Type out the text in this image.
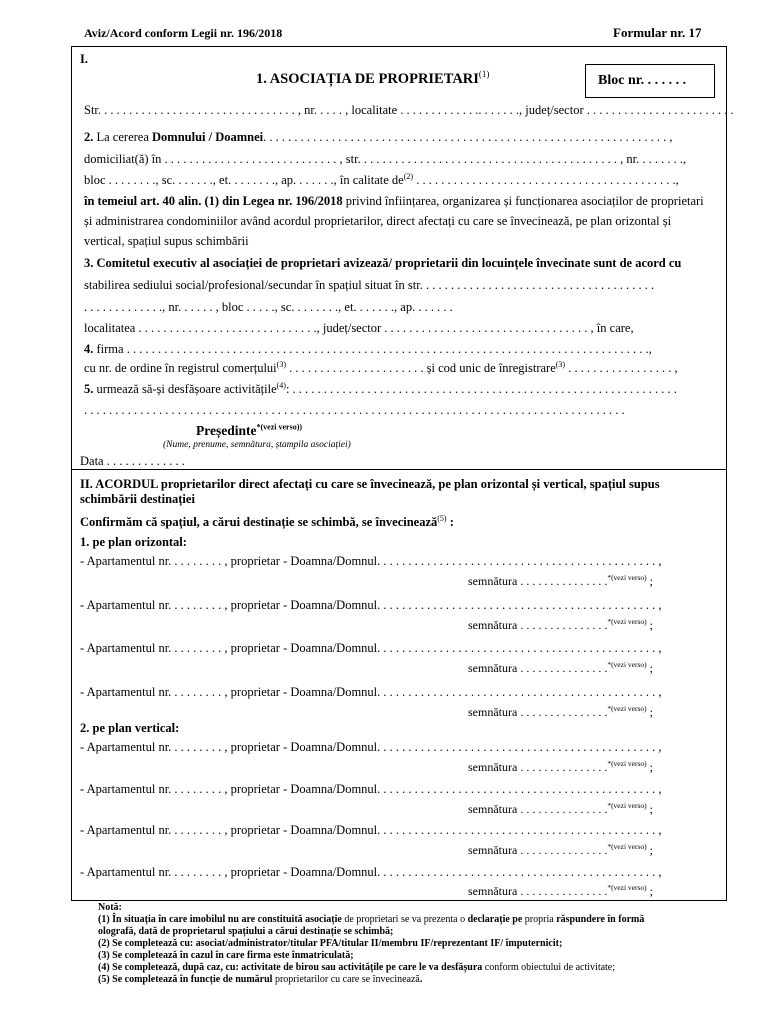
Aviz/Acord conform Legii nr. 196/2018	Formular nr. 17
I.
1. ASOCIAȚIA DE PROPRIETARI$^{(1)}$	Bloc nr. . . . . . .
Str. . . . . . . . . . . . . . . . . . . . . . . . . . . . . . . . , nr. . . . . , localitate . . . . . . . . . . . . .. . . . . . ., județ/sector . . . . . . . . . . . . . . . . . . . . . . . .
2. La cererea Domnului / Doamnei. . . . . . . . . . . . . . . . . . . . . . . . . . . . . . . . . . . . . . . . . . . . . . . . . . . . . . . . . . . . . . . . . ,
domiciliat(ă) în . . . . . . . . . . . . . . . . . . . . . . . . . . . . , str. . . . . . . . . . . . . . . . . . . . . . . . . . . . . . . . . . . . . . . . . . , nr. . . . . . . .,
bloc . . . . . . . ., sc. . . . . . ., et. . . . . . . ., ap. . . . . . ., în calitate $de^{(2)}$ . . . . . . . . . . . . . . . . . . . . . . . . . . . . . . . . . . . . . . . . . .,
în temeiul art. 40 alin. (1) din Legea nr. 196/2018 privind înființarea, organizarea și funcționarea asociaților de proprietari
și administrarea condominiilor având acordul proprietarilor, direct afectați cu care se învecinează, pe plan orizontal și
vertical, spațiul supus schimbării
3. Comitetul executiv al asociației de proprietari avizează/ proprietarii din locuințele învecinate sunt de acord cu
stabilirea sediului social/profesional/secundar în spațiul situat în str. . . . . . . . . . . . . . . . . . . . . . . . . . . . . . . . . . . . . .
. . . . . . . . . . . . ., nr. . . . . . , bloc . . . . ., sc. . . . . . . ., et. . . . . . ., ap. . . . . . .
localitatea . . . . . . . . . . . . . . . . . . . . . . . . . . . . ., județ/sector . . . . . . . . . . . . . . . . . . . . . . . . . . . . . . . . . , în care,
4. firma . . . . . . . . . . . . . . . . . . . . . . . . . . . . . . . . . . . . . . . . . . . . . . . . . . . . . . . . . . . . . . . . . . . . . . . . . . . . . . . . . . . .,
cu nr. de ordine în registrul comerțului$^{(3)}$ . . . . . . . . . . . . . . . . . . . . . . și cod unic de înregistrare$^{(3)}$ . . . . . . . . . . . . . . . . . ,
5. urmează să-și desfășoare activitățile$^{(4)}$: . . . . . . . . . . . . . . . . . . . . . . . . . . . . . . . . . . . . . . . . . . . . . . . . . . . . . . . . . . . . . .
. . . . . . . . . . . . . . . . . . . . . . . . . . . . . . . . . . . . . . . . . . . . . . . . . . . . . . . . . . . . . . . . . . . . . . . . . . . . . . . . . . . . . . .
Președinte$^{*(vezi verso))}$
(Nume, prenume, semnătura, ștampila asociației)
Data . . . . . . . . . . . . .
II. ACORDUL proprietarilor direct afectați cu care se învecinează, pe plan orizontal și vertical, spațiul supus
schimbării destinației
Confirmăm că spațiul, a cărui destinație se schimbă, se învecinează$^{(5)}$ :
1. pe plan orizontal:
- Apartamentul nr. . . . . . . . . , proprietar - Doamna/Domnul. . . . . . . . . . . . . . . . . . . . . . . . . . . . . . . . . . . . . . . . . . . . . ,
semnătura . . . . . . . . . . . . . . .$^{*(vezi verso)}$ ;
- Apartamentul nr. . . . . . . . . , proprietar - Doamna/Domnul. . . . . . . . . . . . . . . . . . . . . . . . . . . . . . . . . . . . . . . . . . . . . ,
semnătura . . . . . . . . . . . . . . .$^{*(vezi verso)}$ ;
- Apartamentul nr. . . . . . . . . , proprietar - Doamna/Domnul. . . . . . . . . . . . . . . . . . . . . . . . . . . . . . . . . . . . . . . . . . . . . ,
semnătura . . . . . . . . . . . . . . .$^{*(vezi verso)}$ ;
- Apartamentul nr. . . . . . . . . , proprietar - Doamna/Domnul. . . . . . . . . . . . . . . . . . . . . . . . . . . . . . . . . . . . . . . . . . . . . ,
semnătura . . . . . . . . . . . . . . .$^{*(vezi verso)}$ ;
2. pe plan vertical:
- Apartamentul nr. . . . . . . . . , proprietar - Doamna/Domnul. . . . . . . . . . . . . . . . . . . . . . . . . . . . . . . . . . . . . . . . . . . . . ,
semnătura . . . . . . . . . . . . . . .$^{*(vezi verso)}$ ;
- Apartamentul nr. . . . . . . . . , proprietar - Doamna/Domnul. . . . . . . . . . . . . . . . . . . . . . . . . . . . . . . . . . . . . . . . . . . . . ,
semnătura . . . . . . . . . . . . . . .$^{*(vezi verso)}$ ;
- Apartamentul nr. . . . . . . . . , proprietar - Doamna/Domnul. . . . . . . . . . . . . . . . . . . . . . . . . . . . . . . . . . . . . . . . . . . . . ,
semnătura . . . . . . . . . . . . . . .$^{*(vezi verso)}$ ;
- Apartamentul nr. . . . . . . . . , proprietar - Doamna/Domnul. . . . . . . . . . . . . . . . . . . . . . . . . . . . . . . . . . . . . . . . . . . . . ,
semnătura . . . . . . . . . . . . . . .$^{*(vezi verso)}$ ;
Notă:
(1) În situația în care imobilul nu are constituită asociație de proprietari se va prezenta o declarație pe propria răspundere în formă
olografă, dată de proprietarul spațiului a cărui destinație se schimbă;
(2) Se completează cu: asociat/administrator/titular PFA/titular II/membru IF/reprezentant IF/ împuternicit;
(3) Se completează în cazul în care firma este înmatriculată;
(4) Se completează, după caz, cu: activitate de birou sau activitățile pe care le va desfășura conform obiectului de activitate;
(5) Se completează în funcție de numărul proprietarilor cu care se învecinează.
